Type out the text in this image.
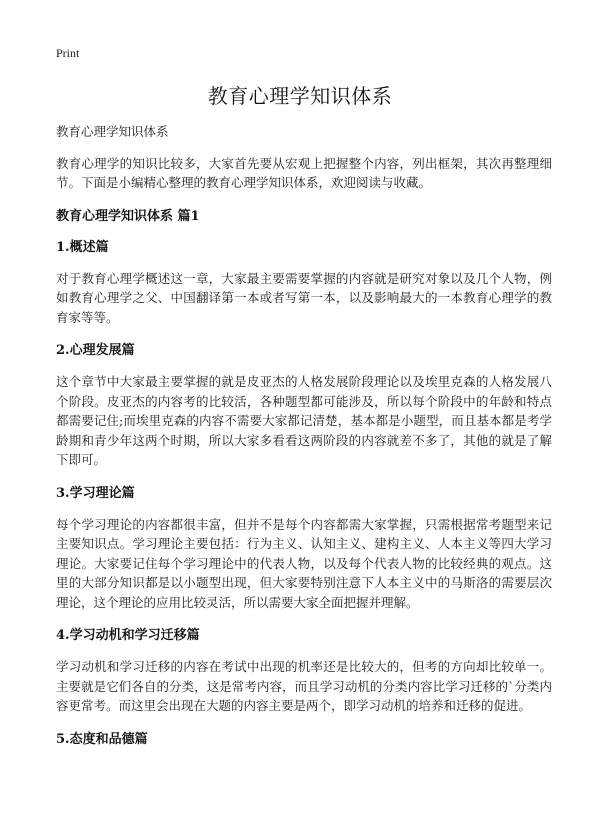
Print
教育心理学知识体系

教育心理学知识体系

教育心理学的知识比较多，大家首先要从宏观上把握整个内容，列出框架，其次再整理细节。下面是小编精心整理的教育心理学知识体系，欢迎阅读与收藏。

教育心理学知识体系 篇1
1.概述篇

对于教育心理学概述这一章，大家最主要需要掌握的内容就是研究对象以及几个人物，例如教育心理学之父、中国翻译第一本或者写第一本，以及影响最大的一本教育心理学的教育家等等。

2.心理发展篇

这个章节中大家最主要掌握的就是皮亚杰的人格发展阶段理论以及埃里克森的人格发展八个阶段。皮亚杰的内容考的比较活，各种题型都可能涉及，所以每个阶段中的年龄和特点都需要记住;而埃里克森的内容不需要大家都记清楚，基本都是小题型，而且基本都是考学龄期和青少年这两个时期，所以大家多看看这两阶段的内容就差不多了，其他的就是了解下即可。

3.学习理论篇

每个学习理论的内容都很丰富，但并不是每个内容都需大家掌握，只需根据常考题型来记主要知识点。学习理论主要包括：行为主义、认知主义、建构主义、人本主义等四大学习理论。大家要记住每个学习理论中的代表人物，以及每个代表人物的比较经典的观点。这里的大部分知识都是以小题型出现，但大家要特别注意下人本主义中的马斯洛的需要层次理论，这个理论的应用比较灵活，所以需要大家全面把握并理解。

4.学习动机和学习迁移篇

学习动机和学习迁移的内容在考试中出现的机率还是比较大的，但考的方向却比较单一。主要就是它们各自的分类，这是常考内容，而且学习动机的分类内容比学习迁移的`分类内容更常考。而这里会出现在大题的内容主要是两个，即学习动机的培养和迁移的促进。

5.态度和品德篇
